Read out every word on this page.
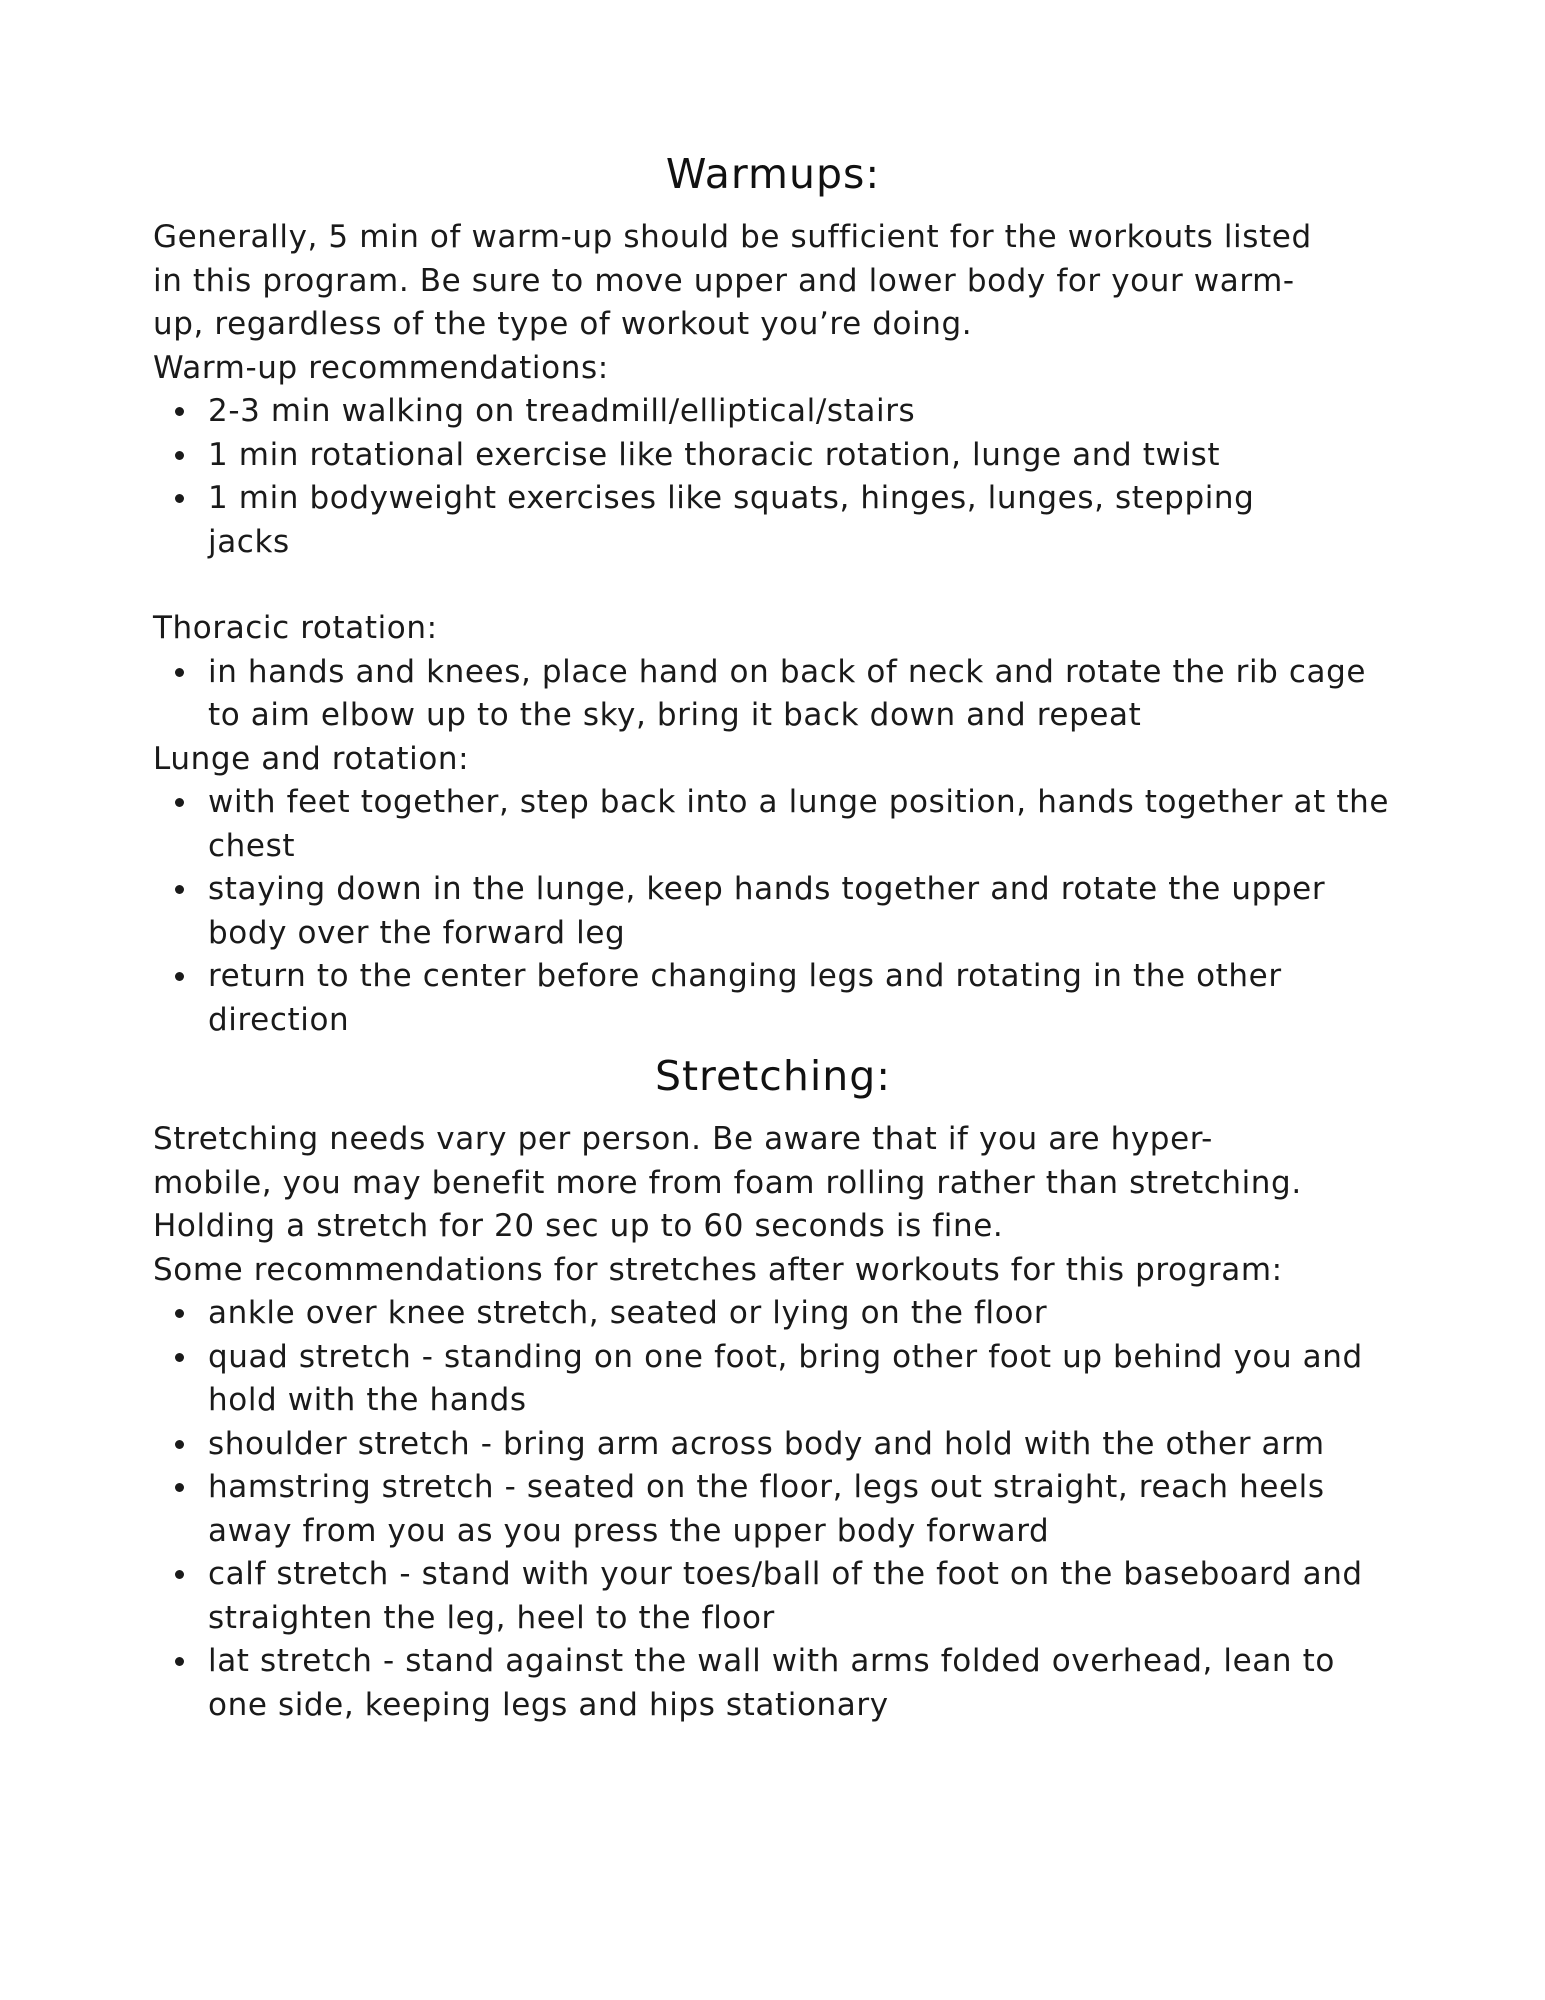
Warmups:
Generally, 5 min of warm-up should be sufficient for the workouts listed
in this program. Be sure to move upper and lower body for your warm-
up, regardless of the type of workout you’re doing.
Warm-up recommendations:
2-3 min walking on treadmill/elliptical/stairs
1 min rotational exercise like thoracic rotation, lunge and twist
1 min bodyweight exercises like squats, hinges, lunges, stepping jacks
Thoracic rotation:
in hands and knees, place hand on back of neck and rotate the rib cage to aim elbow up to the sky, bring it back down and repeat
Lunge and rotation:
with feet together, step back into a lunge position, hands together at the chest
staying down in the lunge, keep hands together and rotate the upper body over the forward leg
return to the center before changing legs and rotating in the other direction
Stretching:
Stretching needs vary per person. Be aware that if you are hyper-
mobile, you may benefit more from foam rolling rather than stretching.
Holding a stretch for 20 sec up to 60 seconds is fine.
Some recommendations for stretches after workouts for this program:
ankle over knee stretch, seated or lying on the floor
quad stretch - standing on one foot, bring other foot up behind you and hold with the hands
shoulder stretch - bring arm across body and hold with the other arm
hamstring stretch - seated on the floor, legs out straight, reach heels away from you as you press the upper body forward
calf stretch - stand with your toes/ball of the foot on the baseboard and straighten the leg, heel to the floor
lat stretch - stand against the wall with arms folded overhead, lean to one side, keeping legs and hips stationary
